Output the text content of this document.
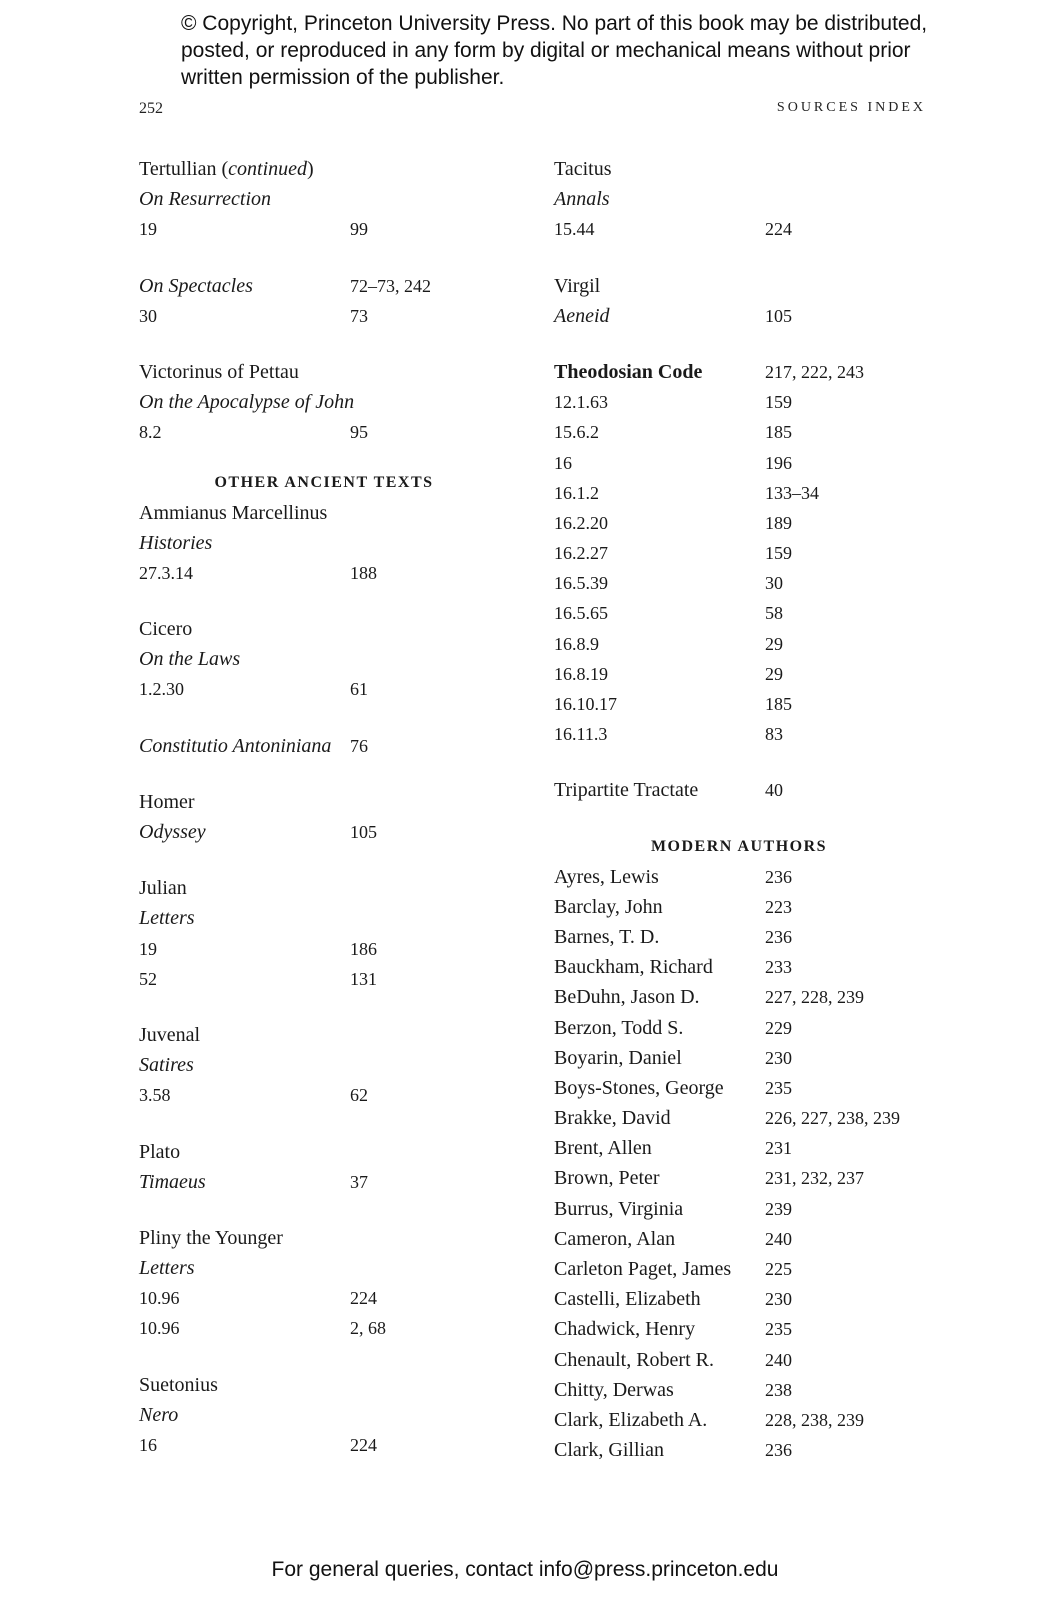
© Copyright, Princeton University Press. No part of this book may be distributed, posted, or reproduced in any form by digital or mechanical means without prior written permission of the publisher.
252	SOURCES INDEX
Tertullian (continued)
On Resurrection
19	99
On Spectacles	72–73, 242
30	73
Victorinus of Pettau
On the Apocalypse of John
8.2	95
OTHER ANCIENT TEXTS
Ammianus Marcellinus
Histories
27.3.14	188
Cicero
On the Laws
1.2.30	61
Constitutio Antoniniana 76
Homer
Odyssey	105
Julian
Letters
19	186
52	131
Juvenal
Satires
3.58	62
Plato
Timaeus	37
Pliny the Younger
Letters
10.96	224
10.96	2, 68
Suetonius
Nero
16	224
Tacitus
Annals
15.44	224
Virgil
Aeneid	105
Theodosian Code	217, 222, 243
12.1.63	159
15.6.2	185
16	196
16.1.2	133–34
16.2.20	189
16.2.27	159
16.5.39	30
16.5.65	58
16.8.9	29
16.8.19	29
16.10.17	185
16.11.3	83
Tripartite Tractate	40
MODERN AUTHORS
Ayres, Lewis	236
Barclay, John	223
Barnes, T. D.	236
Bauckham, Richard	233
BeDuhn, Jason D.	227, 228, 239
Berzon, Todd S.	229
Boyarin, Daniel	230
Boys-Stones, George 235
Brakke, David	226, 227, 238, 239
Brent, Allen	231
Brown, Peter	231, 232, 237
Burrus, Virginia	239
Cameron, Alan	240
Carleton Paget, James 225
Castelli, Elizabeth	230
Chadwick, Henry	235
Chenault, Robert R.	240
Chitty, Derwas	238
Clark, Elizabeth A.	228, 238, 239
Clark, Gillian	236
For general queries, contact info@press.princeton.edu
